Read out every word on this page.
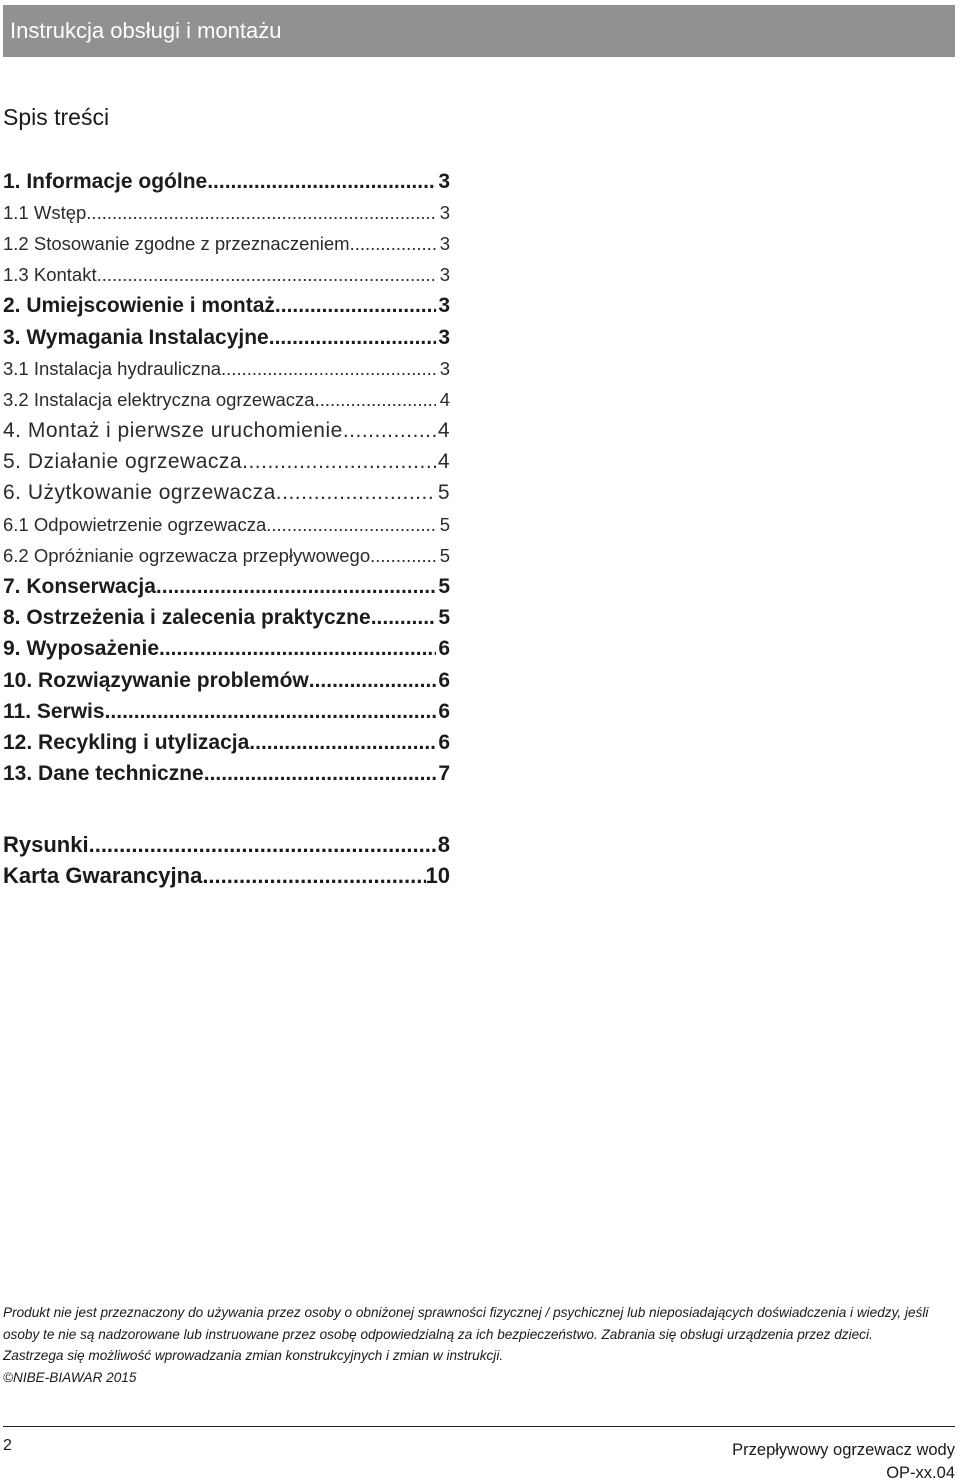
Instrukcja obsługi i montażu
Spis treści
1. Informacje ogólne .....	3
1.1 Wstęp .....	3
1.2 Stosowanie zgodne z przeznaczeniem .....	3
1.3 Kontakt .....	3
2. Umiejscowienie i montaż .....	3
3. Wymagania Instalacyjne .....	3
3.1 Instalacja hydrauliczna .....	3
3.2 Instalacja elektryczna ogrzewacza .....	4
4. Montaż i pierwsze uruchomienie .....	4
5. Działanie ogrzewacza .....	4
6. Użytkowanie ogrzewacza .....	5
6.1 Odpowietrzenie ogrzewacza .....	5
6.2 Opróżnianie ogrzewacza przepływowego .....	5
7. Konserwacja .....	5
8. Ostrzeżenia i zalecenia praktyczne .....	5
9. Wyposażenie .....	6
10. Rozwiązywanie problemów .....	6
11. Serwis .....	6
12. Recykling i utylizacja .....	6
13. Dane techniczne .....	7
Rysunki .....	8
Karta Gwarancyjna .....	10

Produkt nie jest przeznaczony do używania przez osoby o obniżonej sprawności fizycznej / psychicznej lub nieposiadających doświadczenia i wiedzy, jeśli osoby te nie są nadzorowane lub instruowane przez osobę odpowiedzialną za ich bezpieczeństwo. Zabrania się obsługi urządzenia przez dzieci.

Zastrzega się możliwość wprowadzania zmian konstrukcyjnych i zmian w instrukcji.

©NIBE-BIAWAR 2015

2	Przepływowy ogrzewacz wody
OP-xx.04
